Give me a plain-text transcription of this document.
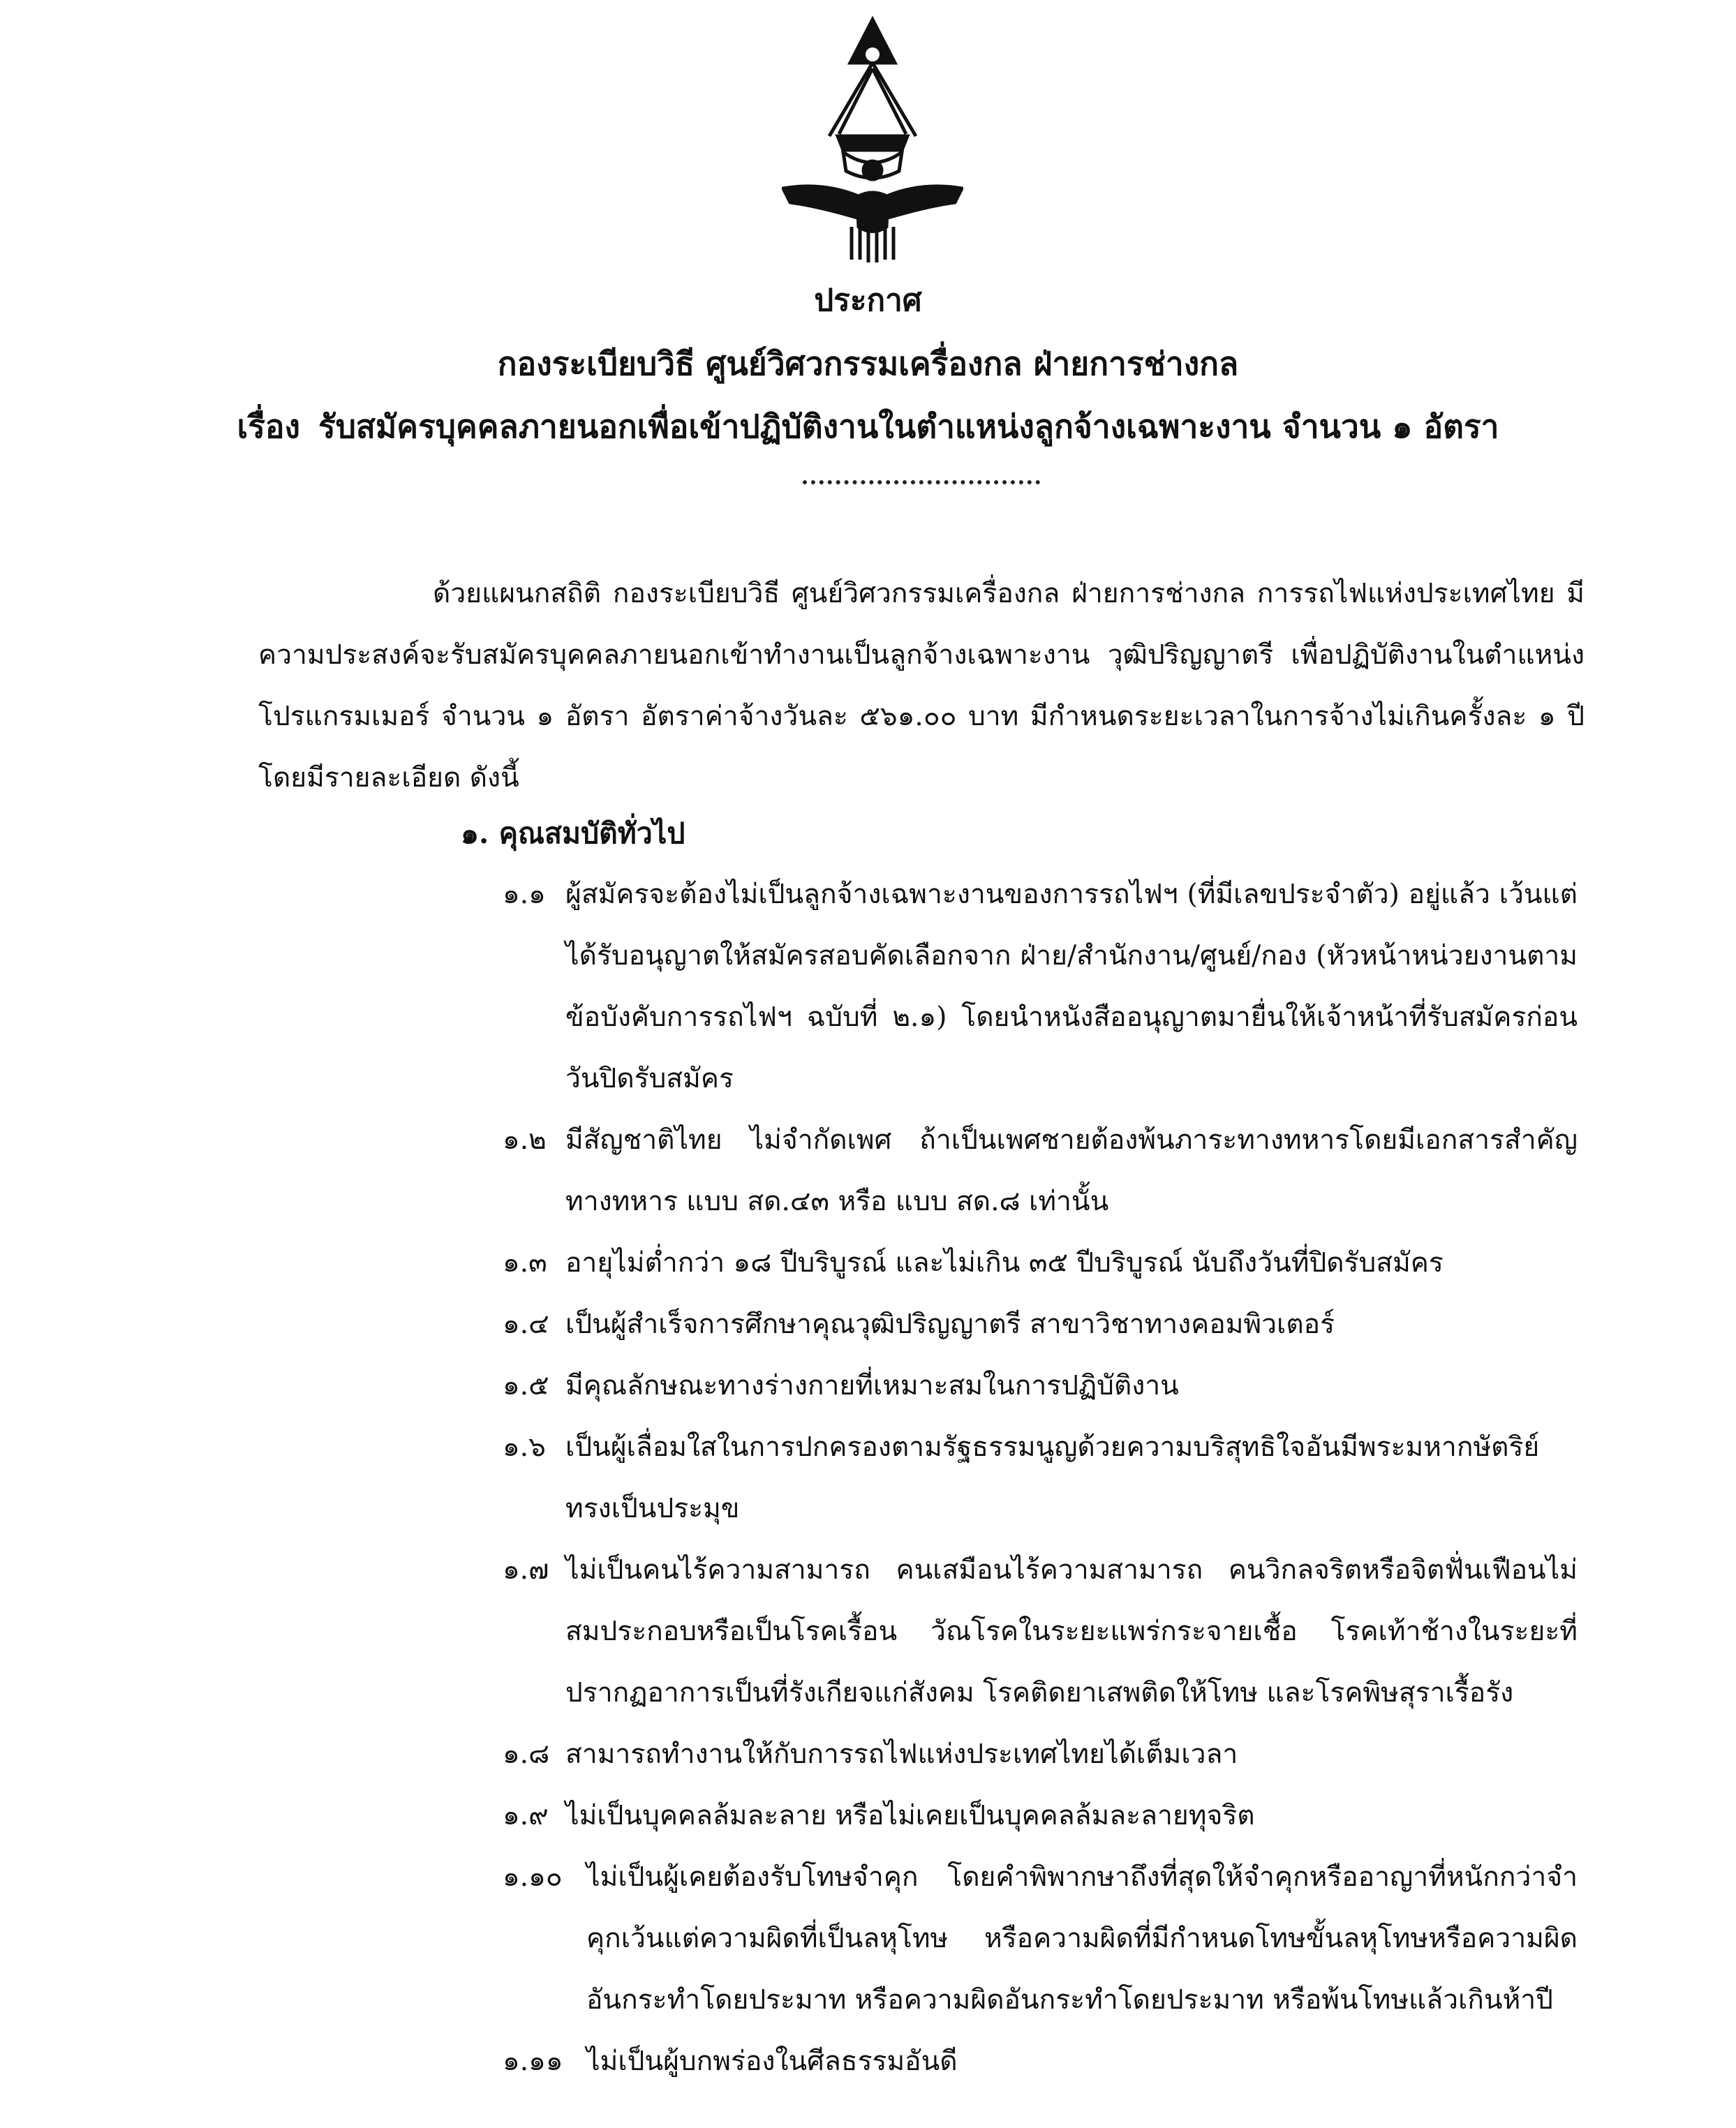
ประกาศ
กองระเบียบวิธี ศูนย์วิศวกรรมเครื่องกล ฝ่ายการช่างกล
เรื่อง รับสมัครบุคคลภายนอกเพื่อเข้าปฏิบัติงานในตำแหน่งลูกจ้างเฉพาะงาน จำนวน ๑ อัตรา

ด้วยแผนกสถิติ กองระเบียบวิธี ศูนย์วิศวกรรมเครื่องกล ฝ่ายการช่างกล การรถไฟแห่งประเทศไทย มีความประสงค์จะรับสมัครบุคคลภายนอกเข้าทำงานเป็นลูกจ้างเฉพาะงาน วุฒิปริญญาตรี เพื่อปฏิบัติงานในตำแหน่ง โปรแกรมเมอร์ จำนวน ๑ อัตรา อัตราค่าจ้างวันละ ๕๖๑.๐๐ บาท มีกำหนดระยะเวลาในการจ้างไม่เกินครั้งละ ๑ ปี โดยมีรายละเอียด ดังนี้

๑. คุณสมบัติทั่วไป
๑.๑ ผู้สมัครจะต้องไม่เป็นลูกจ้างเฉพาะงานของการรถไฟฯ (ที่มีเลขประจำตัว) อยู่แล้ว เว้นแต่ได้รับอนุญาตให้สมัครสอบคัดเลือกจาก ฝ่าย/สำนักงาน/ศูนย์/กอง (หัวหน้าหน่วยงานตามข้อบังคับการรถไฟฯ ฉบับที่ ๒.๑) โดยนำหนังสืออนุญาตมายื่นให้เจ้าหน้าที่รับสมัครก่อนวันปิดรับสมัคร
๑.๒ มีสัญชาติไทย ไม่จำกัดเพศ ถ้าเป็นเพศชายต้องพ้นภาระทางทหารโดยมีเอกสารสำคัญทางทหาร แบบ สด.๔๓ หรือ แบบ สด.๘ เท่านั้น
๑.๓ อายุไม่ต่ำกว่า ๑๘ ปีบริบูรณ์ และไม่เกิน ๓๕ ปีบริบูรณ์ นับถึงวันที่ปิดรับสมัคร
๑.๔ เป็นผู้สำเร็จการศึกษาคุณวุฒิปริญญาตรี สาขาวิชาทางคอมพิวเตอร์
๑.๕ มีคุณลักษณะทางร่างกายที่เหมาะสมในการปฏิบัติงาน
๑.๖ เป็นผู้เลื่อมใสในการปกครองตามรัฐธรรมนูญด้วยความบริสุทธิใจอันมีพระมหากษัตริย์ทรงเป็นประมุข
๑.๗ ไม่เป็นคนไร้ความสามารถ คนเสมือนไร้ความสามารถ คนวิกลจริตหรือจิตฟั่นเฟือนไม่สมประกอบหรือเป็นโรคเรื้อน วัณโรคในระยะแพร่กระจายเชื้อ โรคเท้าช้างในระยะที่ปรากฏอาการเป็นที่รังเกียจแก่สังคม โรคติดยาเสพติดให้โทษ และโรคพิษสุราเรื้อรัง
๑.๘ สามารถทำงานให้กับการรถไฟแห่งประเทศไทยได้เต็มเวลา
๑.๙ ไม่เป็นบุคคลล้มละลาย หรือไม่เคยเป็นบุคคลล้มละลายทุจริต
๑.๑๐ ไม่เป็นผู้เคยต้องรับโทษจำคุก โดยคำพิพากษาถึงที่สุดให้จำคุกหรืออาญาที่หนักกว่าจำคุกเว้นแต่ความผิดที่เป็นลหุโทษ หรือความผิดที่มีกำหนดโทษขั้นลหุโทษหรือความผิดอันกระทำโดยประมาท หรือความผิดอันกระทำโดยประมาท หรือพ้นโทษแล้วเกินห้าปี
๑.๑๑ ไม่เป็นผู้บกพร่องในศีลธรรมอันดี
